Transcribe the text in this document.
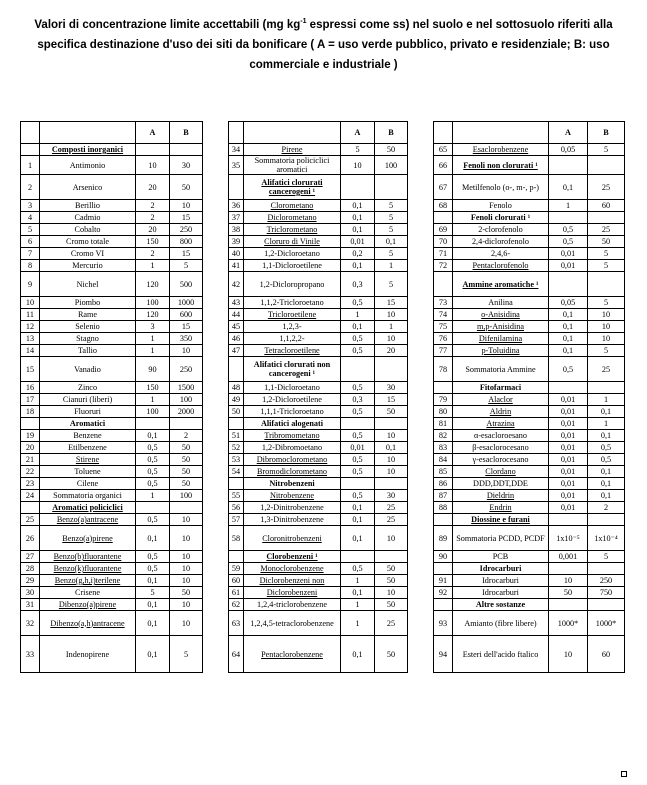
Valori di concentrazione limite accettabili (mg $kg^{-1}$ espressi come ss) nel suolo e nel sottosuolo riferiti alla
specifica destinazione d'uso dei siti da bonificare ( A = uso verde pubblico, privato e residenziale; B: uso
commerciale e industriale )
		A	B				A	B				A	B
	Composti inorganici				34	Pirene	5	50		65	Esaclorobenzene	0,05	5
1	Antimonio	10	30		35	Sommatoria policiclici aromatici	10	100		66	Fenoli non clorurati ¹		
2	Arsenico	20	50			Alifatici clorurati cancerogeni ¹				67	Metilfenolo (o-, m-, p-)	0,1	25
3	Berillio	2	10		36	Clorometano	0,1	5		68	Fenolo	1	60
4	Cadmio	2	15		37	Diclorometano	0,1	5			Fenoli clorurati ¹		
5	Cobalto	20	250		38	Triclorometano	0,1	5		69	2-clorofenolo	0,5	25
6	Cromo totale	150	800		39	Cloruro di Vinile	0,01	0,1		70	2,4-diclorofenolo	0,5	50
7	Cromo VI	2	15		40	1,2-Dicloroetano	0,2	5		71	2,4,6-	0,01	5
8	Mercurio	1	5		41	1,1-Dicloroetilene	0,1	1		72	Pentaclorofenolo	0,01	5
9	Nichel	120	500		42	1,2-Dicloropropano	0,3	5			Ammine aromatiche ¹		
10	Piombo	100	1000		43	1,1,2-Tricloroetano	0,5	15		73	Anilina	0,05	5
11	Rame	120	600		44	Tricloroetilene	1	10		74	o-Anisidina	0,1	10
12	Selenio	3	15		45	1,2,3-	0,1	1		75	m,p-Anisidina	0,1	10
13	Stagno	1	350		46	1,1,2,2-	0,5	10		76	Difenilamina	0,1	10
14	Tallio	1	10		47	Tetracloroetilene	0,5	20		77	p-Toluidina	0,1	5
15	Vanadio	90	250			Alifatici clorurati non cancerogeni ¹				78	Sommatoria Ammine	0,5	25
16	Zinco	150	1500		48	1,1-Dicloroetano	0,5	30			Fitofarmaci		
17	Cianuri (liberi)	1	100		49	1,2-Dicloroetilene	0,3	15		79	Alaclor	0,01	1
18	Fluoruri	100	2000		50	1,1,1-Tricloroetano	0,5	50		80	Aldrin	0,01	0,1
	Aromatici					Alifatici alogenati				81	Atrazina	0,01	1
19	Benzene	0,1	2		51	Tribromometano	0,5	10		82	α-esacloroesano	0,01	0,1
20	Etilbenzene	0,5	50		52	1,2-Dibromoetano	0,01	0,1		83	β-esaclorocesano	0,01	0,5
21	Stirene	0,5	50		53	Dibromoclorometano	0,5	10		84	γ-esaclorocesano	0,01	0,5
22	Toluene	0,5	50		54	Bromodiclorometano	0,5	10		85	Clordano	0,01	0,1
23	Cilene	0,5	50			Nitrobenzeni				86	DDD,DDT,DDE	0,01	0,1
24	Sommatoria organici	1	100		55	Nitrobenzene	0,5	30		87	Dieldrin	0,01	0,1
	Aromatici policiclici				56	1,2-Dinitrobenzene	0,1	25		88	Endrin	0,01	2
25	Benzo(a)antracene	0,5	10		57	1,3-Dinitrobenzene	0,1	25			Diossine e furani		
26	Benzo(a)pirene	0,1	10		58	Cloronitrobenzeni	0,1	10		89	Sommatoria PCDD, PCDF	1x10⁻⁵	1x10⁻⁴
27	Benzo(b)fluorantene	0,5	10			Clorobenzeni ¹				90	PCB	0,001	5
28	Benzo(k)fluorantene	0,5	10		59	Monoclorobenzene	0,5	50			Idrocarburi		
29	Benzo(g,h,i)terilene	0,1	10		60	Diclorobenzeni non	1	50		91	Idrocarburi	10	250
30	Crisene	5	50		61	Diclorobenzeni	0,1	10		92	Idrocarburi	50	750
31	Dibenzo(a)pirene	0,1	10		62	1,2,4-triclorobenzene	1	50			Altre sostanze		
32	Dibenzo(a,h)antracene	0,1	10		63	1,2,4,5-tetraclorobenzene	1	25		93	Amianto (fibre libere)	1000*	1000*
33	Indenopirene	0,1	5		64	Pentaclorobenzene	0,1	50		94	Esteri dell'acido ftalico	10	60
